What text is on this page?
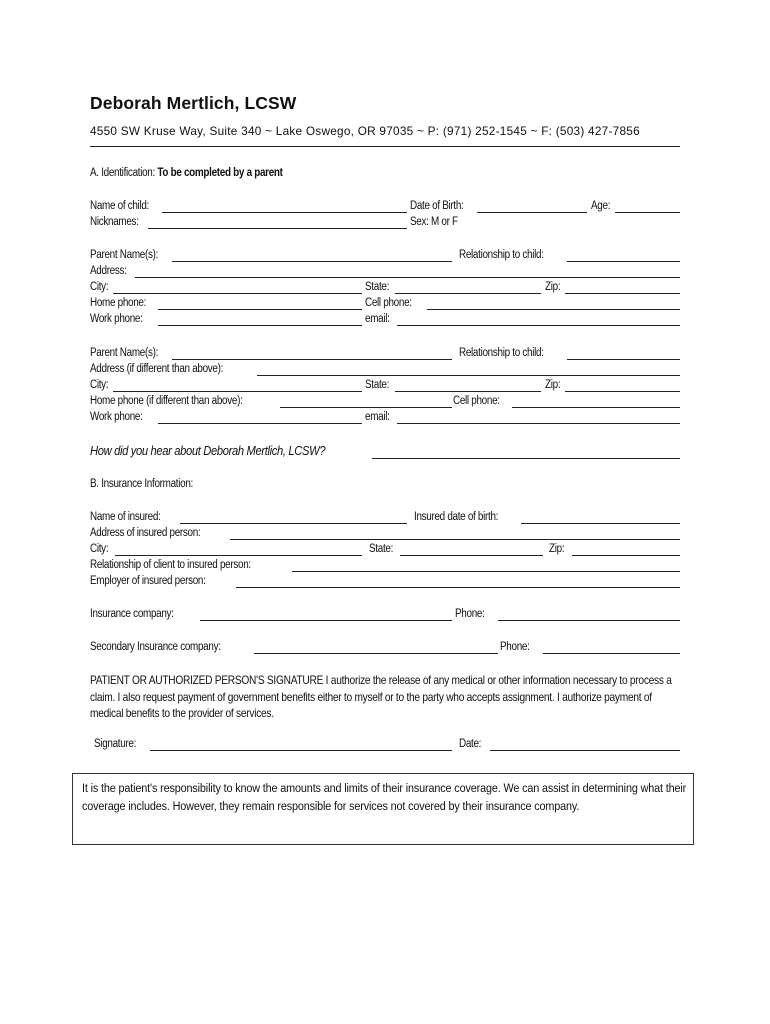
Deborah Mertlich, LCSW
4550 SW Kruse Way, Suite 340 ~ Lake Oswego, OR 97035 ~ P: (971) 252-1545 ~ F: (503) 427-7856
A. Identification: To be completed by a parent
Name of child:	Date of Birth:	Age:
Nicknames:	Sex: M or F
Parent Name(s):	Relationship to child:
Address:
City:	State:	Zip:
Home phone:	Cell phone:
Work phone:	email:
Parent Name(s):	Relationship to child:
Address (if different than above):
City:	State:	Zip:
Home phone (if different than above):	Cell phone:
Work phone:	email:
How did you hear about Deborah Mertlich, LCSW?
B. Insurance Information:
Name of insured:	Insured date of birth:
Address of insured person:
City:	State:	Zip:
Relationship of client to insured person:
Employer of insured person:
Insurance company:	Phone:
Secondary Insurance company:	Phone:
PATIENT OR AUTHORIZED PERSON'S SIGNATURE I authorize the release of any medical or other information necessary to process a claim. I also request payment of government benefits either to myself or to the party who accepts assignment. I authorize payment of medical benefits to the provider of services.
Signature:	Date:
It is the patient's responsibility to know the amounts and limits of their insurance coverage. We can assist in determining what their coverage includes. However, they remain responsible for services not covered by their insurance company.
